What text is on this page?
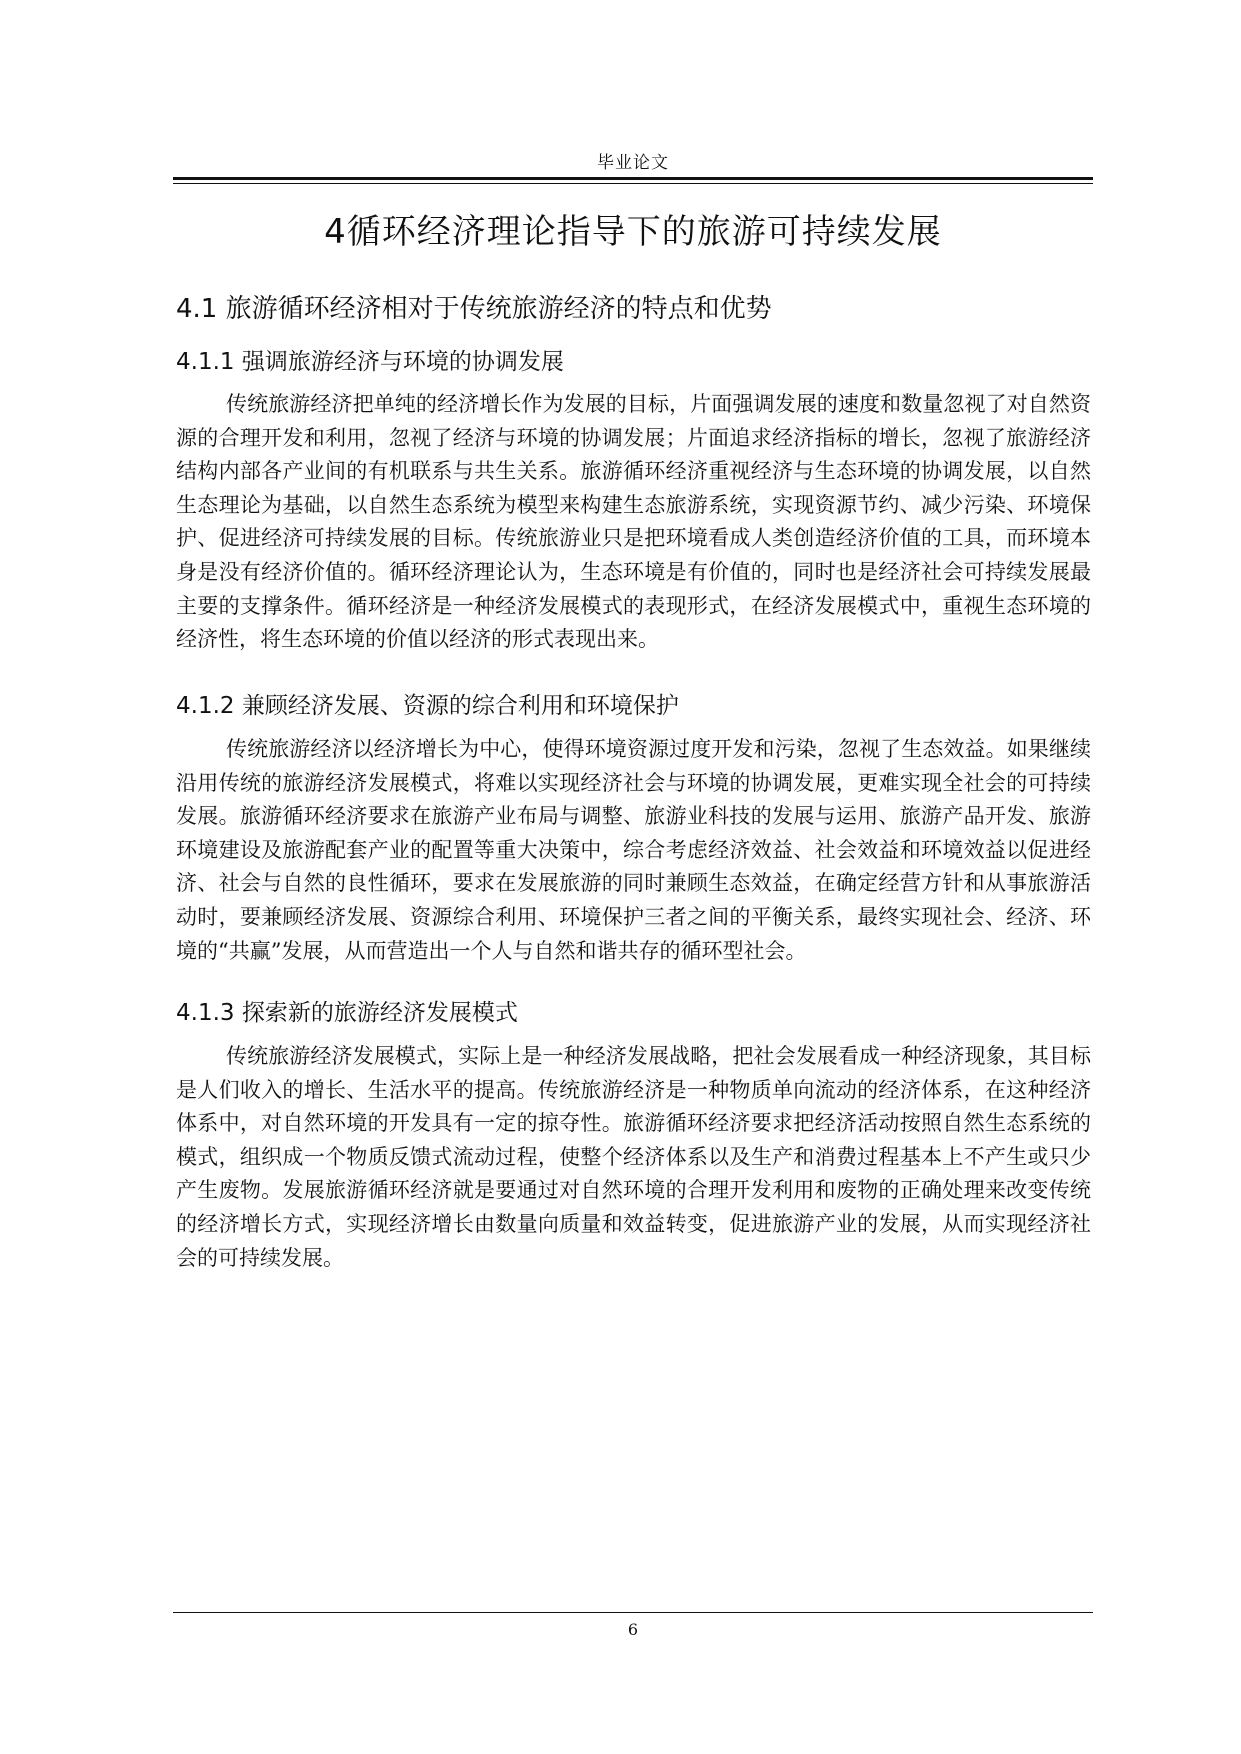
毕业论文
4循环经济理论指导下的旅游可持续发展
4.1 旅游循环经济相对于传统旅游经济的特点和优势
4.1.1 强调旅游经济与环境的协调发展

传统旅游经济把单纯的经济增长作为发展的目标，片面强调发展的速度和数量忽视了对自然资源的合理开发和利用，忽视了经济与环境的协调发展；片面追求经济指标的增长，忽视了旅游经济结构内部各产业间的有机联系与共生关系。旅游循环经济重视经济与生态环境的协调发展，以自然生态理论为基础，以自然生态系统为模型来构建生态旅游系统，实现资源节约、减少污染、环境保护、促进经济可持续发展的目标。传统旅游业只是把环境看成人类创造经济价值的工具，而环境本身是没有经济价值的。循环经济理论认为，生态环境是有价值的，同时也是经济社会可持续发展最主要的支撑条件。循环经济是一种经济发展模式的表现形式，在经济发展模式中，重视生态环境的经济性，将生态环境的价值以经济的形式表现出来。

4.1.2 兼顾经济发展、资源的综合利用和环境保护

传统旅游经济以经济增长为中心，使得环境资源过度开发和污染，忽视了生态效益。如果继续沿用传统的旅游经济发展模式，将难以实现经济社会与环境的协调发展，更难实现全社会的可持续发展。旅游循环经济要求在旅游产业布局与调整、旅游业科技的发展与运用、旅游产品开发、旅游环境建设及旅游配套产业的配置等重大决策中，综合考虑经济效益、社会效益和环境效益以促进经济、社会与自然的良性循环，要求在发展旅游的同时兼顾生态效益，在确定经营方针和从事旅游活动时，要兼顾经济发展、资源综合利用、环境保护三者之间的平衡关系，最终实现社会、经济、环境的“共赢”发展，从而营造出一个人与自然和谐共存的循环型社会。

4.1.3 探索新的旅游经济发展模式

传统旅游经济发展模式，实际上是一种经济发展战略，把社会发展看成一种经济现象，其目标是人们收入的增长、生活水平的提高。传统旅游经济是一种物质单向流动的经济体系，在这种经济体系中，对自然环境的开发具有一定的掠夺性。旅游循环经济要求把经济活动按照自然生态系统的模式，组织成一个物质反馈式流动过程，使整个经济体系以及生产和消费过程基本上不产生或只少产生废物。发展旅游循环经济就是要通过对自然环境的合理开发利用和废物的正确处理来改变传统的经济增长方式，实现经济增长由数量向质量和效益转变，促进旅游产业的发展，从而实现经济社会的可持续发展。

6
